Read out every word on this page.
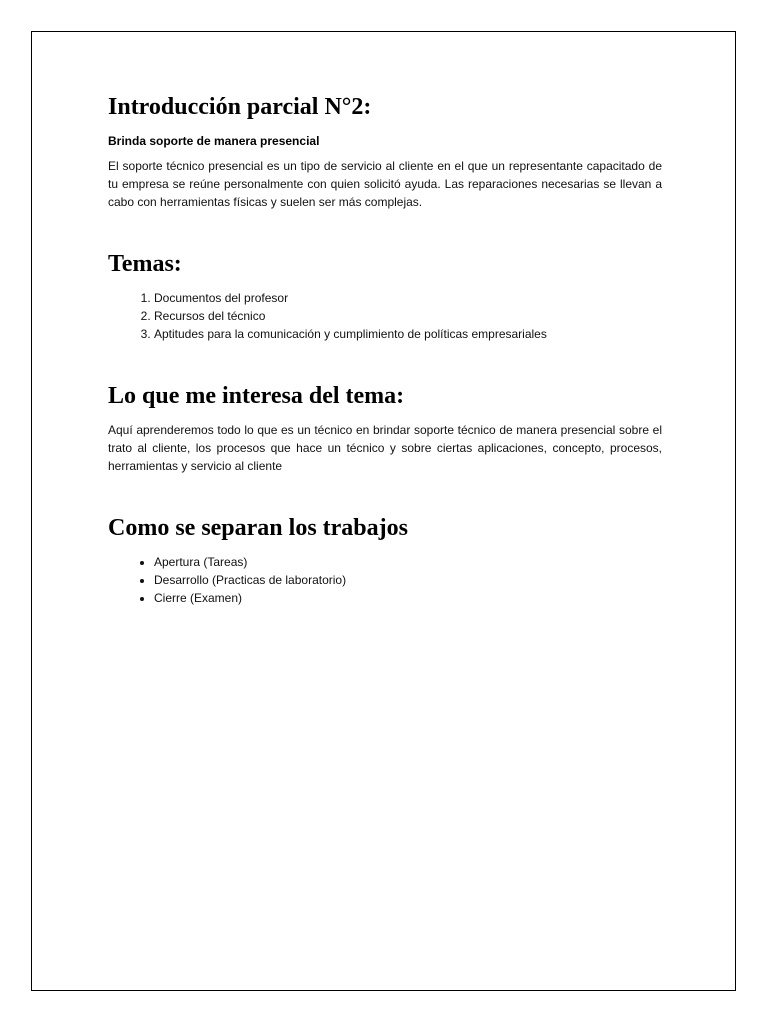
Introducción parcial N°2:
Brinda soporte de manera presencial

El soporte técnico presencial es un tipo de servicio al cliente en el que un representante capacitado de tu empresa se reúne personalmente con quien solicitó ayuda. Las reparaciones necesarias se llevan a cabo con herramientas físicas y suelen ser más complejas.

Temas:
1. Documentos del profesor
2. Recursos del técnico
3. Aptitudes para la comunicación y cumplimiento de políticas empresariales
Lo que me interesa del tema:

Aquí aprenderemos todo lo que es un técnico en brindar soporte técnico de manera presencial sobre el trato al cliente, los procesos que hace un técnico y sobre ciertas aplicaciones, concepto, procesos, herramientas y servicio al cliente

Como se separan los trabajos
• Apertura (Tareas)
• Desarrollo (Practicas de laboratorio)
• Cierre (Examen)
